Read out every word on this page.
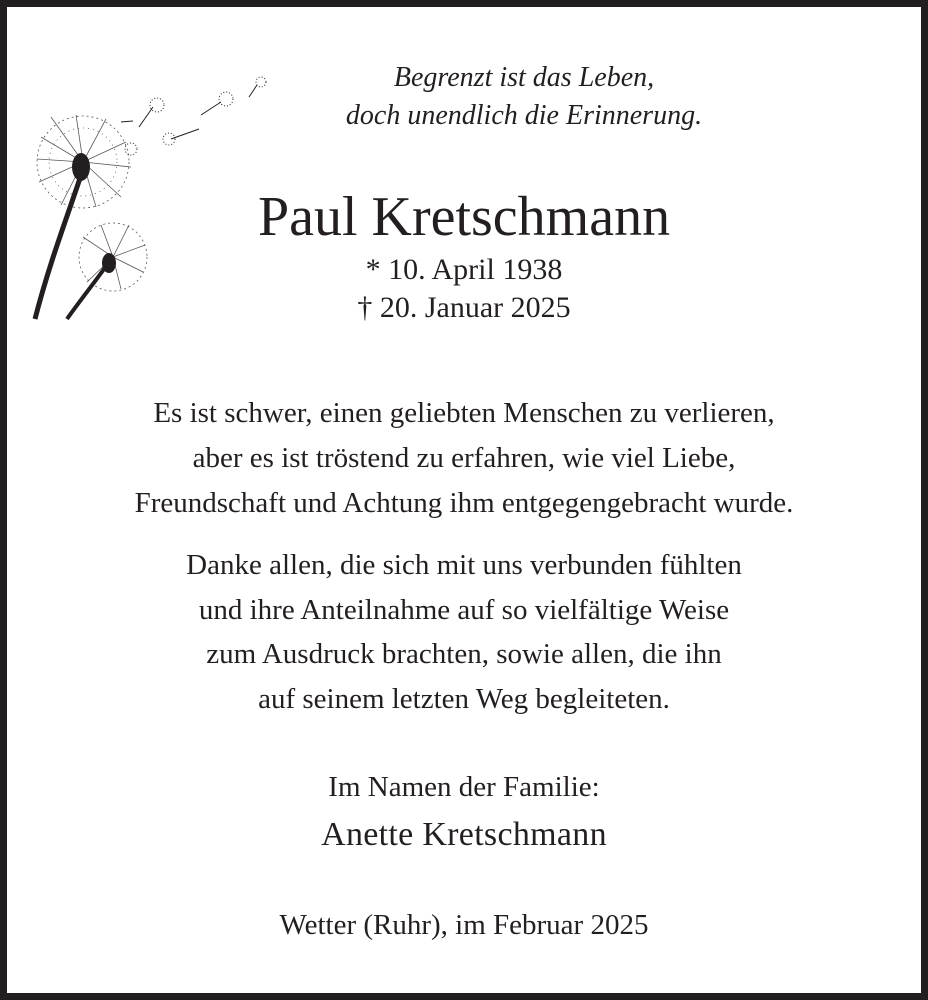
Begrenzt ist das Leben,
doch unendlich die Erinnerung.
Paul Kretschmann
* 10. April 1938
† 20. Januar 2025
Es ist schwer, einen geliebten Menschen zu verlieren,
aber es ist tröstend zu erfahren, wie viel Liebe,
Freundschaft und Achtung ihm entgegengebracht wurde.
Danke allen, die sich mit uns verbunden fühlten
und ihre Anteilnahme auf so vielfältige Weise
zum Ausdruck brachten, sowie allen, die ihn
auf seinem letzten Weg begleiteten.
Im Namen der Familie:
Anette Kretschmann
Wetter (Ruhr), im Februar 2025
